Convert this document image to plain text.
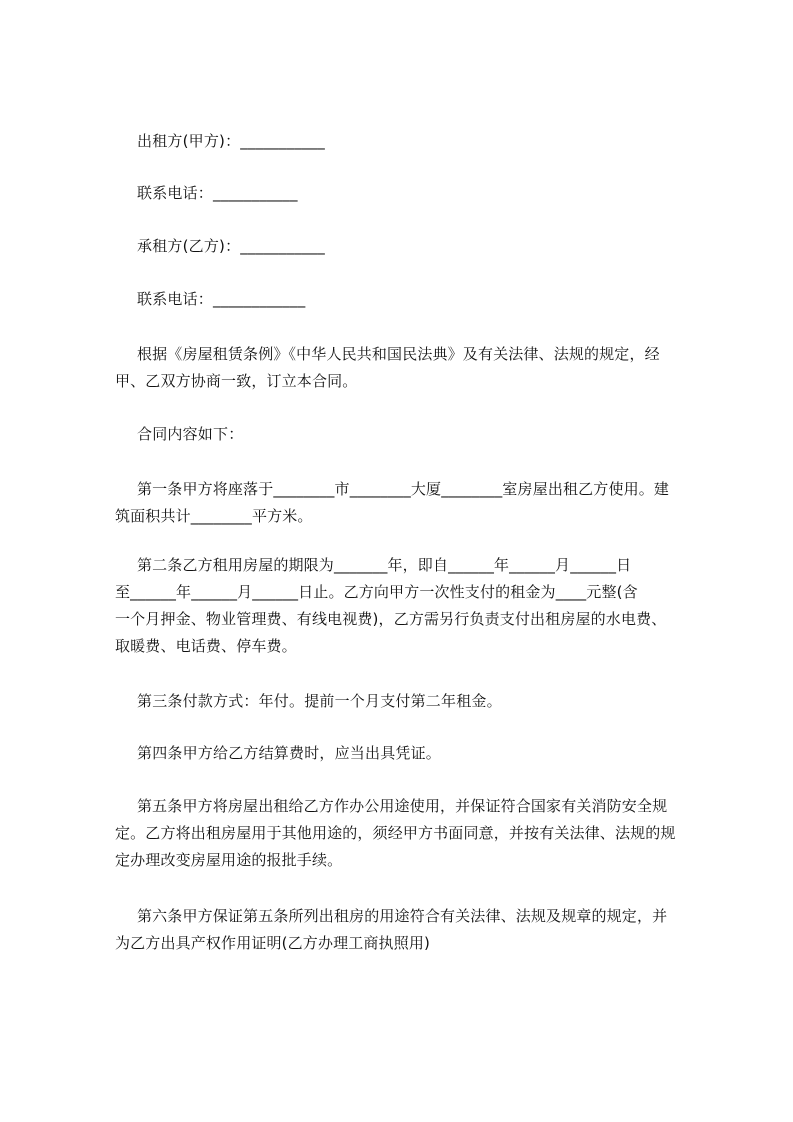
出租方(甲方)：___________
联系电话：___________
承租方(乙方)：___________
联系电话：____________
根据《房屋租赁条例》《中华人民共和国民法典》及有关法律、法规的规定，经
甲、乙双方协商一致，订立本合同。
合同内容如下：
第一条甲方将座落于________市________大厦________室房屋出租乙方使用。建
筑面积共计________平方米。
第二条乙方租用房屋的期限为_______年，即自______年______月______日
至______年______月______日止。乙方向甲方一次性支付的租金为____元整(含
一个月押金、物业管理费、有线电视费)，乙方需另行负责支付出租房屋的水电费、
取暖费、电话费、停车费。
第三条付款方式：年付。提前一个月支付第二年租金。
第四条甲方给乙方结算费时，应当出具凭证。
第五条甲方将房屋出租给乙方作办公用途使用，并保证符合国家有关消防安全规
定。乙方将出租房屋用于其他用途的，须经甲方书面同意，并按有关法律、法规的规
定办理改变房屋用途的报批手续。
第六条甲方保证第五条所列出租房的用途符合有关法律、法规及规章的规定，并
为乙方出具产权作用证明(乙方办理工商执照用)
